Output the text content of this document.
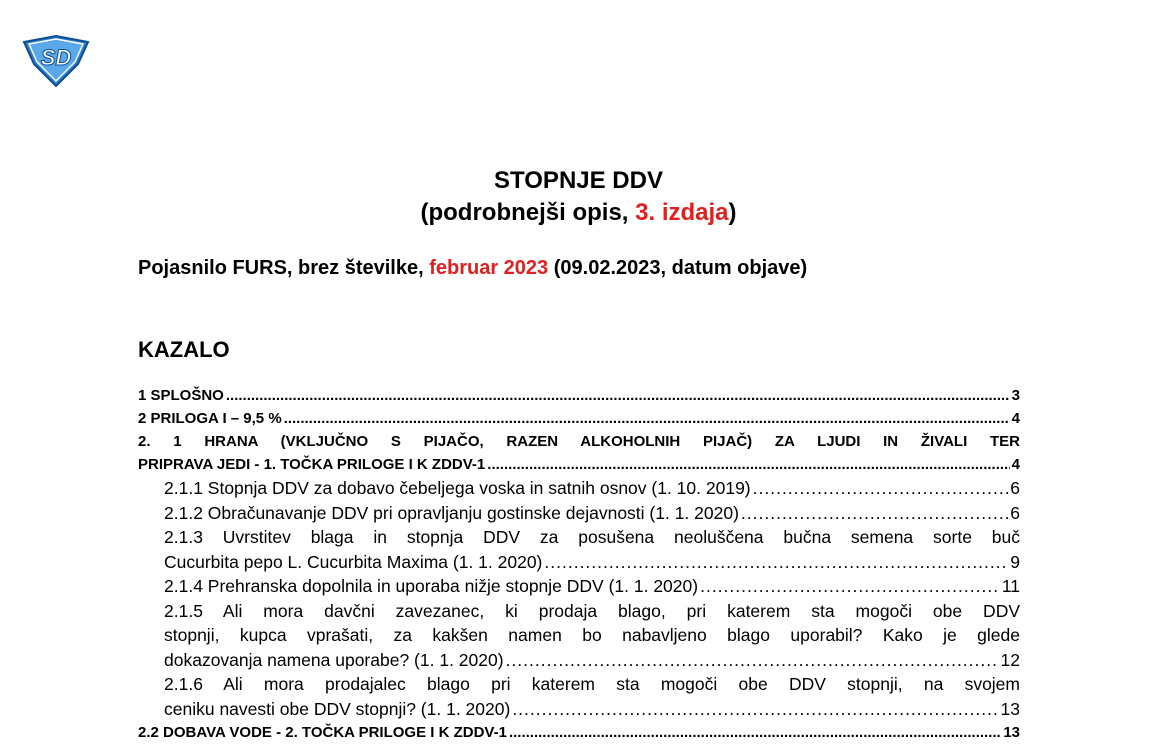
SD
STOPNJE DDV
(podrobnejši opis, 3. izdaja)
Pojasnilo FURS, brez številke, februar 2023 (09.02.2023, datum objave)
KAZALO
1 SPLOŠNO .....	3
2 PRILOGA I – 9,5 % .....	4
2. 1 HRANA (VKLJUČNO S PIJAČO, RAZEN ALKOHOLNIH PIJAČ) ZA LJUDI IN ŽIVALI TER
PRIPRAVA JEDI - 1. TOČKA PRILOGE I K ZDDV-1 .....	4
2.1.1 Stopnja DDV za dobavo čebeljega voska in satnih osnov (1. 10. 2019) .....	6
2.1.2 Obračunavanje DDV pri opravljanju gostinske dejavnosti (1. 1. 2020) .....	6
2.1.3 Uvrstitev blaga in stopnja DDV za posušena neoluščena bučna semena sorte buč
Cucurbita pepo L. Cucurbita Maxima (1. 1. 2020) .....	9
2.1.4 Prehranska dopolnila in uporaba nižje stopnje DDV (1. 1. 2020) .....	11
2.1.5 Ali mora davčni zavezanec, ki prodaja blago, pri katerem sta mogoči obe DDV
stopnji, kupca vprašati, za kakšen namen bo nabavljeno blago uporabil? Kako je glede
dokazovanja namena uporabe? (1. 1. 2020) .....	12
2.1.6 Ali mora prodajalec blago pri katerem sta mogoči obe DDV stopnji, na svojem
ceniku navesti obe DDV stopnji? (1. 1. 2020) .....	13
2.2 DOBAVA VODE - 2. TOČKA PRILOGE I K ZDDV-1 .....	13
